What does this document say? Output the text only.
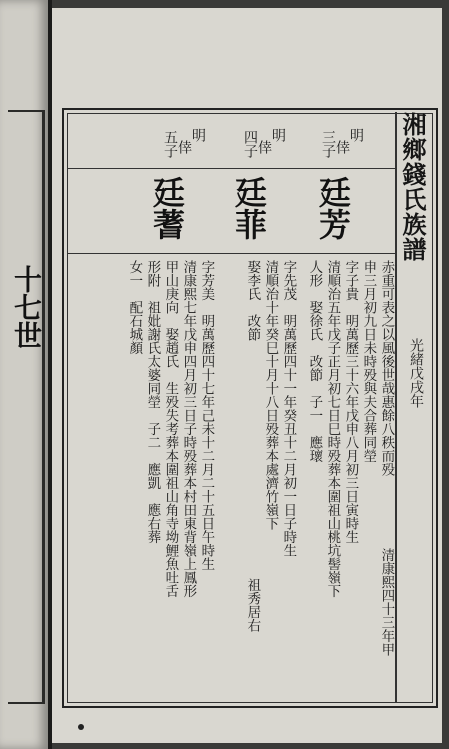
十七世
湘鄉錢氏族譜
光緒戊戌年
明
倖
三子
明
倖
四子
明
倖
五子
廷芳
廷菲
廷蓍
赤重可表之以風後世哉惠餘八秩而殁
申三月初九日未時殁與夫合葬同塋
字子貴　明萬歷三十六年戊申八月初三日寅時生
清順治五年戊子正月初七日巳時殁葬本圍祖山桃坑髻嶺下
人形　娶徐氏　改節　子一　應瓌
字先茂　明萬歷四十一年癸丑十二月初一日子時生
清順治十年癸巳十月十八日殁葬本處濟竹嶺下
娶李氏　改節
字芳美　明萬歷四十七年己未十二月二十五日午時生
清康熙七年戊申四月初三日子時殁葬本村田東背嶺上鳳形
甲山庚向　娶趙氏　生殁失考葬本圍祖山角寺坳鯉魚吐舌
形附　祖妣謝氏太婆同塋　子二　應凱　應右葬
女一　配石城顏
清康熙四十三年甲
祖秀居右
